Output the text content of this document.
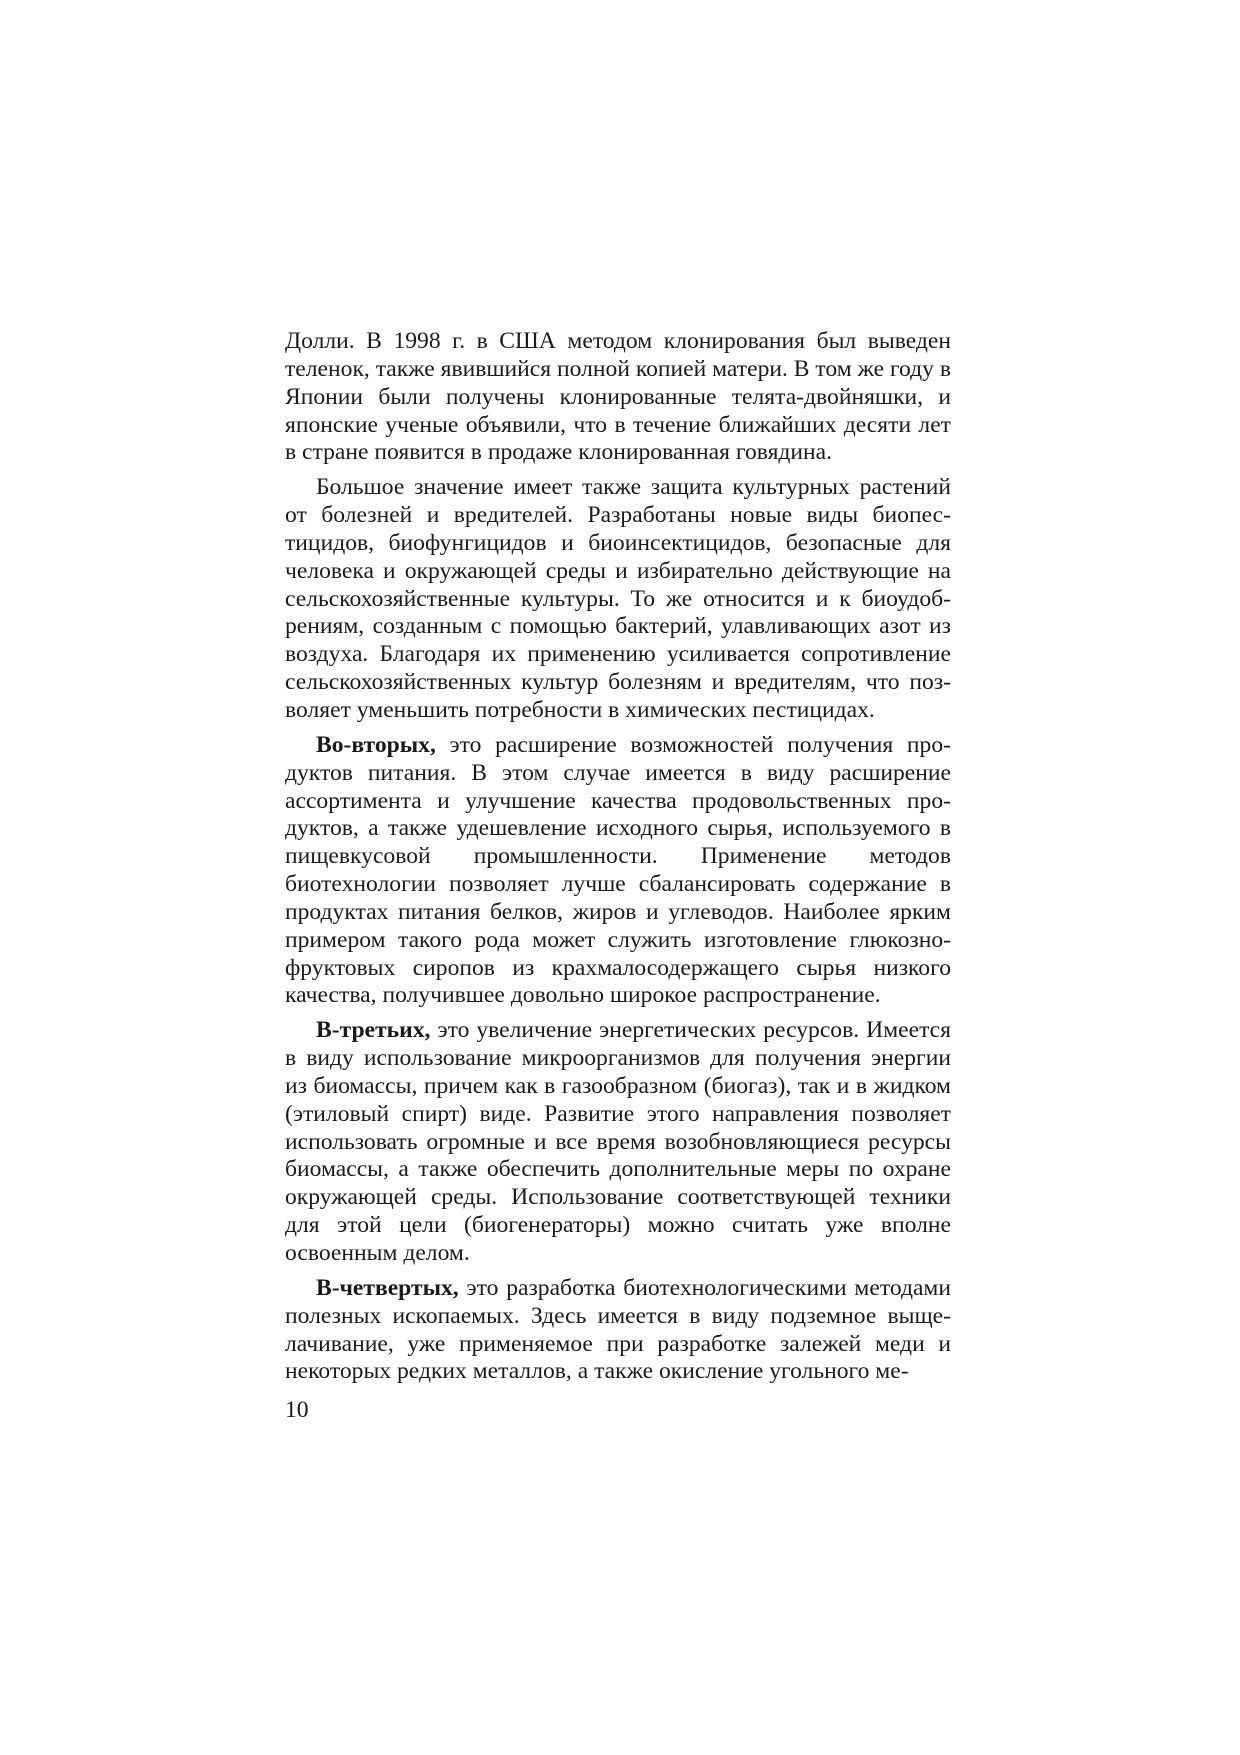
Долли. В 1998 г. в США методом клонирования был выведен теленок, также явившийся полной копией матери. В том же году в Японии были получены клонированные телята-двойняшки, и японские ученые объявили, что в течение ближайших десяти лет в стране появится в продаже клонированная говядина.

Большое значение имеет также защита культурных растений от болезней и вредителей. Разработаны новые виды биопестицидов, биофунгицидов и биоинсектицидов, безопасные для человека и окружающей среды и избирательно действующие на сельскохозяйственные культуры. То же относится и к биоудобрениям, созданным с помощью бактерий, улавливающих азот из воздуха. Благодаря их применению усиливается сопротивление сельскохозяйственных культур болезням и вредителям, что позволяет уменьшить потребности в химических пестицидах.

Во-вторых, это расширение возможностей получения продуктов питания. В этом случае имеется в виду расширение ассортимента и улучшение качества продовольственных продуктов, а также удешевление исходного сырья, используемого в пищевкусовой промышленности. Применение методов биотехнологии позволяет лучше сбалансировать содержание в продуктах питания белков, жиров и углеводов. Наиболее ярким примером такого рода может служить изготовление глюкозно-фруктовых сиропов из крахмалосодержащего сырья низкого качества, получившее довольно широкое распространение.

В-третьих, это увеличение энергетических ресурсов. Имеется в виду использование микроорганизмов для получения энергии из биомассы, причем как в газообразном (биогаз), так и в жидком (этиловый спирт) виде. Развитие этого направления позволяет использовать огромные и все время возобновляющиеся ресурсы биомассы, а также обеспечить дополнительные меры по охране окружающей среды. Использование соответствующей техники для этой цели (биогенераторы) можно считать уже вполне освоенным делом.

В-четвертых, это разработка биотехнологическими методами полезных ископаемых. Здесь имеется в виду подземное выщелачивание, уже применяемое при разработке залежей меди и некоторых редких металлов, а также окисление угольного ме-

10
